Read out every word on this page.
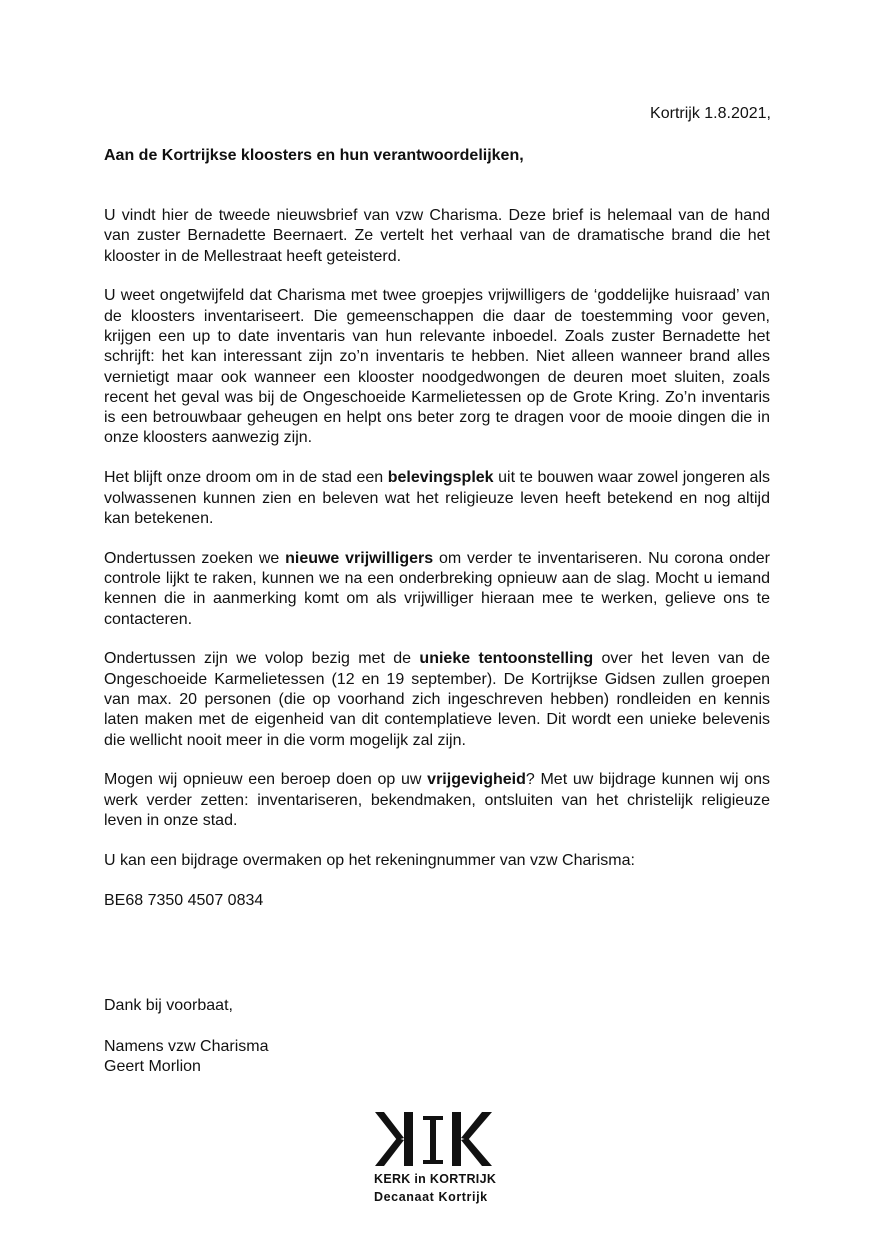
Kortrijk 1.8.2021,
Aan de Kortrijkse kloosters en hun verantwoordelijken,

U vindt hier de tweede nieuwsbrief van vzw Charisma. Deze brief is helemaal van de hand van zuster Bernadette Beernaert. Ze vertelt het verhaal van de dramatische brand die het klooster in de Mellestraat heeft geteisterd.

U weet ongetwijfeld dat Charisma met twee groepjes vrijwilligers de ‘goddelijke huisraad’ van de kloosters inventariseert. Die gemeenschappen die daar de toestemming voor geven, krijgen een up to date inventaris van hun relevante inboedel. Zoals zuster Bernadette het schrijft: het kan interessant zijn zo’n inventaris te hebben. Niet alleen wanneer brand alles vernietigt maar ook wanneer een klooster noodgedwongen de deuren moet sluiten, zoals recent het geval was bij de Ongeschoeide Karmelietessen op de Grote Kring. Zo’n inventaris is een betrouwbaar geheugen en helpt ons beter zorg te dragen voor de mooie dingen die in onze kloosters aanwezig zijn.

Het blijft onze droom om in de stad een belevingsplek uit te bouwen waar zowel jongeren als volwassenen kunnen zien en beleven wat het religieuze leven heeft betekend en nog altijd kan betekenen.

Ondertussen zoeken we nieuwe vrijwilligers om verder te inventariseren. Nu corona onder controle lijkt te raken, kunnen we na een onderbreking opnieuw aan de slag. Mocht u iemand kennen die in aanmerking komt om als vrijwilliger hieraan mee te werken, gelieve ons te contacteren.

Ondertussen zijn we volop bezig met de unieke tentoonstelling over het leven van de Ongeschoeide Karmelietessen (12 en 19 september). De Kortrijkse Gidsen zullen groepen van max. 20 personen (die op voorhand zich ingeschreven hebben) rondleiden en kennis laten maken met de eigenheid van dit contemplatieve leven. Dit wordt een unieke belevenis die wellicht nooit meer in die vorm mogelijk zal zijn.

Mogen wij opnieuw een beroep doen op uw vrijgevigheid? Met uw bijdrage kunnen wij ons werk verder zetten: inventariseren, bekendmaken, ontsluiten van het christelijk religieuze leven in onze stad.

U kan een bijdrage overmaken op het rekeningnummer van vzw Charisma:

BE68 7350 4507 0834

Dank bij voorbaat,
Namens vzw Charisma
Geert Morlion
KERK in KORTRIJK
Decanaat Kortrijk
